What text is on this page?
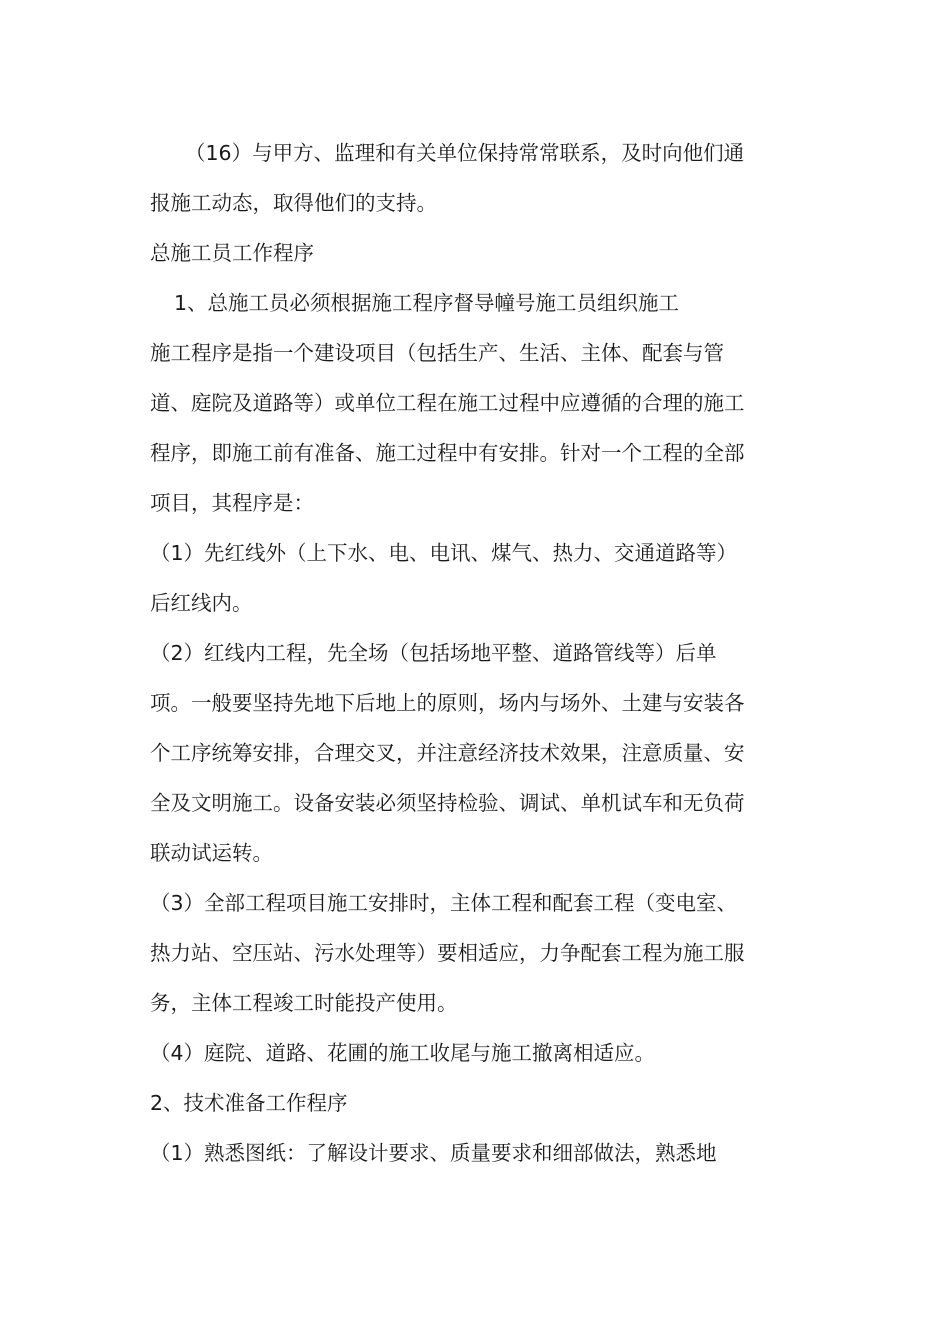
（16）与甲方、监理和有关单位保持常常联系，及时向他们通
报施工动态，取得他们的支持。
总施工员工作程序
1、总施工员必须根据施工程序督导幢号施工员组织施工
施工程序是指一个建设项目（包括生产、生活、主体、配套与管
道、庭院及道路等）或单位工程在施工过程中应遵循的合理的施工
程序，即施工前有准备、施工过程中有安排。针对一个工程的全部
项目，其程序是：
（1）先红线外（上下水、电、电讯、煤气、热力、交通道路等）
后红线内。
（2）红线内工程，先全场（包括场地平整、道路管线等）后单
项。一般要坚持先地下后地上的原则，场内与场外、土建与安装各
个工序统筹安排，合理交叉，并注意经济技术效果，注意质量、安
全及文明施工。设备安装必须坚持检验、调试、单机试车和无负荷
联动试运转。
（3）全部工程项目施工安排时，主体工程和配套工程（变电室、
热力站、空压站、污水处理等）要相适应，力争配套工程为施工服
务，主体工程竣工时能投产使用。
（4）庭院、道路、花圃的施工收尾与施工撤离相适应。
2、技术准备工作程序
（1）熟悉图纸：了解设计要求、质量要求和细部做法，熟悉地
